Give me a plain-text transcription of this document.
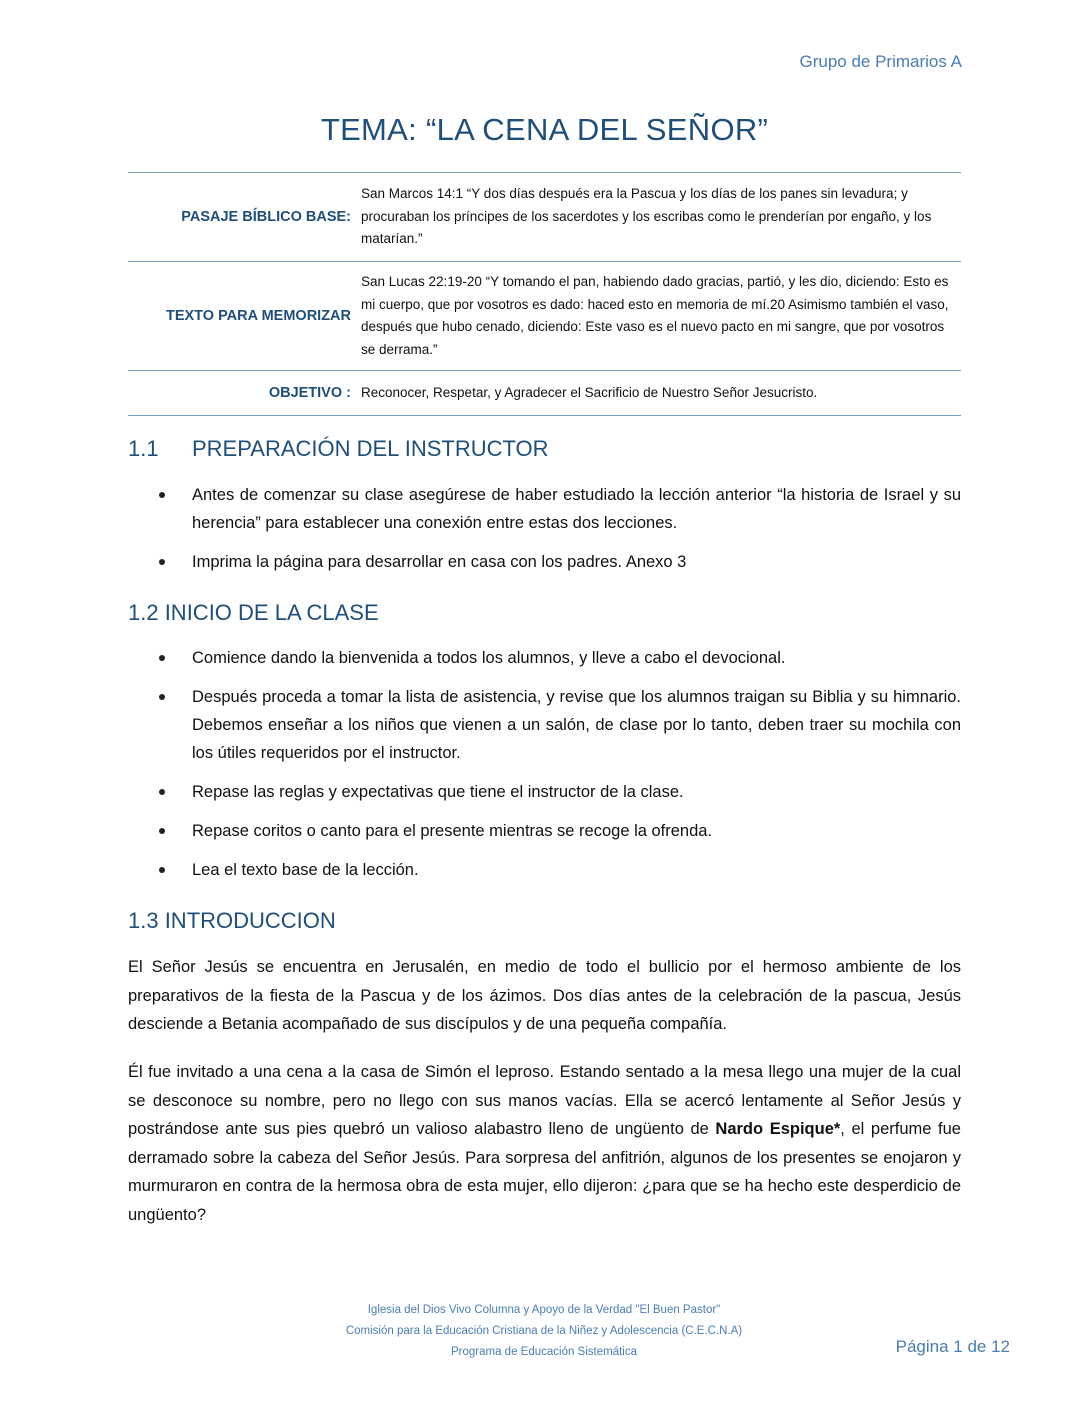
Grupo de Primarios A
TEMA: “LA CENA DEL SEÑOR”
PASAJE BÍBLICO BASE:	San Marcos 14:1 “Y dos días después era la Pascua y los días de los panes sin levadura; y procuraban los príncipes de los sacerdotes y los escribas como le prenderían por engaño, y los matarían.”
TEXTO PARA MEMORIZAR	San Lucas 22:19-20 “Y tomando el pan, habiendo dado gracias, partió, y les dio, diciendo: Esto es mi cuerpo, que por vosotros es dado: haced esto en memoria de mí.20 Asimismo también el vaso, después que hubo cenado, diciendo: Este vaso es el nuevo pacto en mi sangre, que por vosotros se derrama.”
OBJETIVO :	Reconocer, Respetar, y Agradecer el Sacrificio de Nuestro Señor Jesucristo.
1.1 PREPARACIÓN DEL INSTRUCTOR
Antes de comenzar su clase asegúrese de haber estudiado la lección anterior “la historia de Israel y su herencia” para establecer una conexión entre estas dos lecciones.
Imprima la página para desarrollar en casa con los padres. Anexo 3
1.2 INICIO DE LA CLASE
Comience dando la bienvenida a todos los alumnos, y lleve a cabo el devocional.
Después proceda a tomar la lista de asistencia, y revise que los alumnos traigan su Biblia y su himnario. Debemos enseñar a los niños que vienen a un salón, de clase por lo tanto, deben traer su mochila con los útiles requeridos por el instructor.
Repase las reglas y expectativas que tiene el instructor de la clase.
Repase coritos o canto para el presente mientras se recoge la ofrenda.
Lea el texto base de la lección.
1.3 INTRODUCCION

El Señor Jesús se encuentra en Jerusalén, en medio de todo el bullicio por el hermoso ambiente de los preparativos de la fiesta de la Pascua y de los ázimos. Dos días antes de la celebración de la pascua, Jesús desciende a Betania acompañado de sus discípulos y de una pequeña compañía.

Él fue invitado a una cena a la casa de Simón el leproso. Estando sentado a la mesa llego una mujer de la cual se desconoce su nombre, pero no llego con sus manos vacías. Ella se acercó lentamente al Señor Jesús y postrándose ante sus pies quebró un valioso alabastro lleno de ungüento de Nardo Espique*, el perfume fue derramado sobre la cabeza del Señor Jesús. Para sorpresa del anfitrión, algunos de los presentes se enojaron y murmuraron en contra de la hermosa obra de esta mujer, ello dijeron: ¿para que se ha hecho este desperdicio de ungüento?

Iglesia del Dios Vivo Columna y Apoyo de la Verdad "El Buen Pastor"
Comisión para la Educación Cristiana de la Niñez y Adolescencia (C.E.C.N.A)
Programa de Educación Sistemática	Página 1 de 12
